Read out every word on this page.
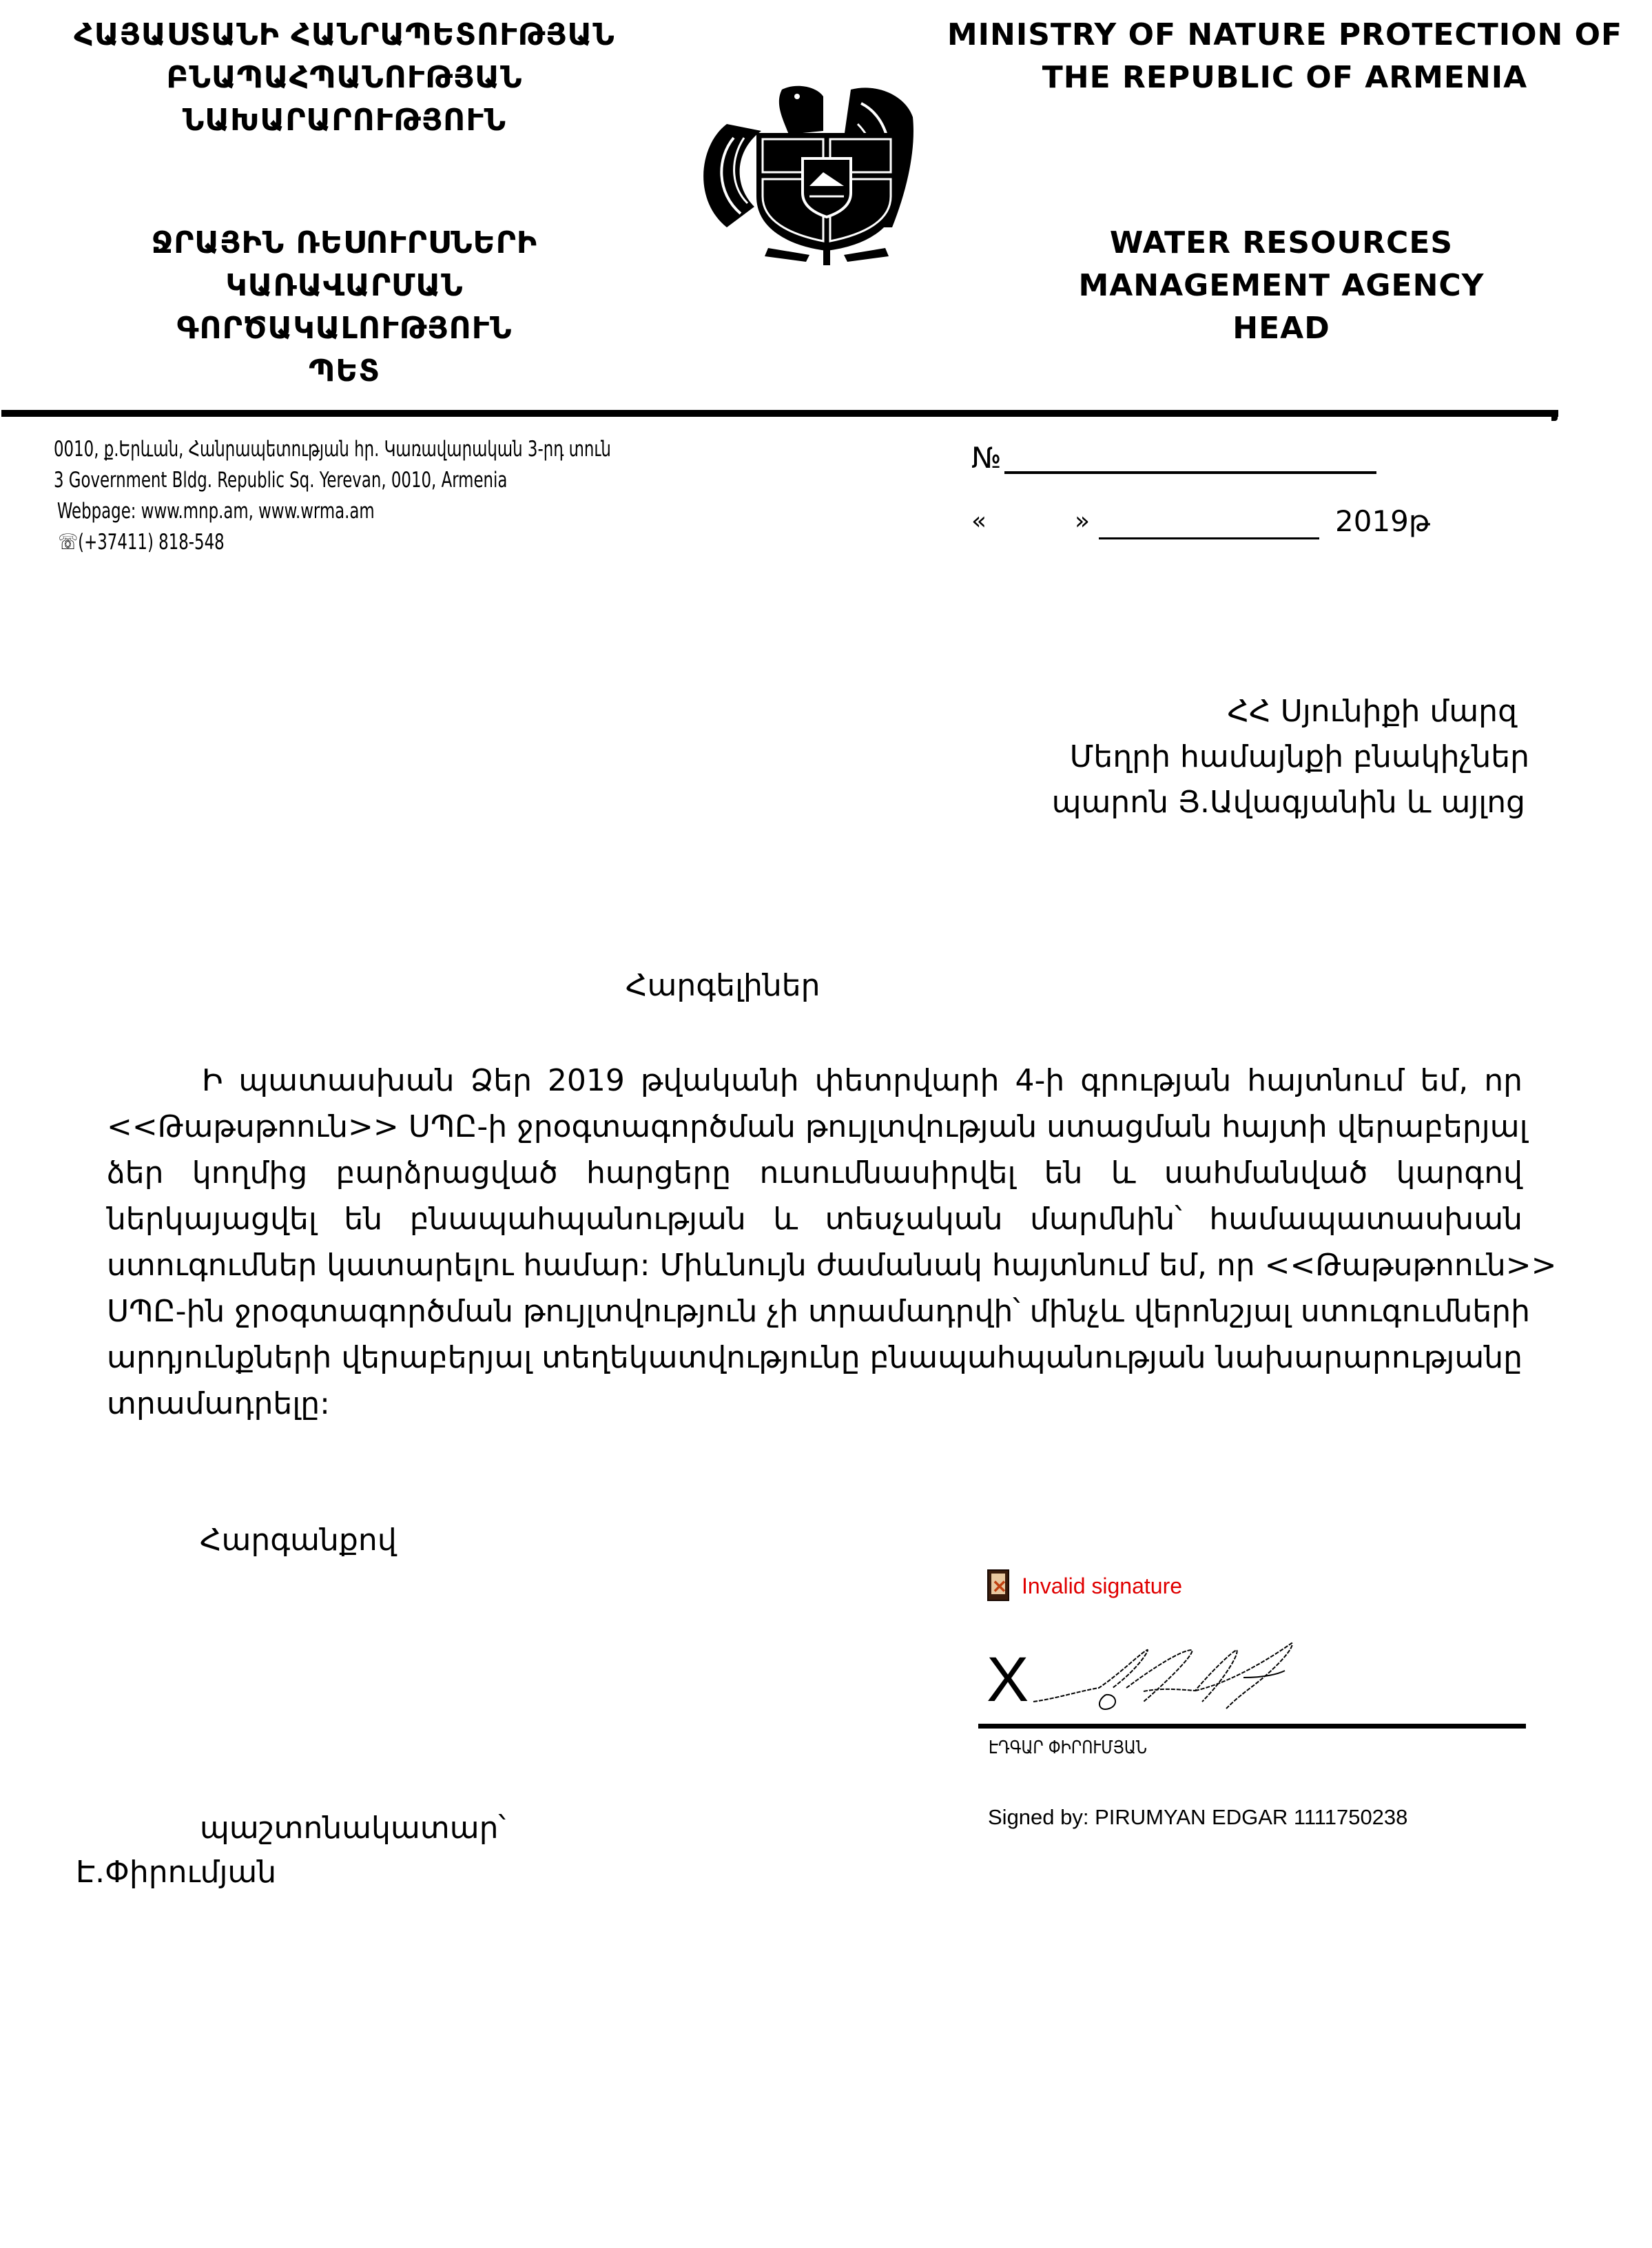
ՀԱՅԱՍՏԱՆԻ ՀԱՆՐԱՊԵՏՈՒԹՅԱՆ
ԲՆԱՊԱՀՊԱՆՈՒԹՅԱՆ
ՆԱԽԱՐԱՐՈՒԹՅՈՒՆ
ՋՐԱՅԻՆ ՌԵՍՈՒՐՍՆԵՐԻ
ԿԱՌԱՎԱՐՄԱՆ
ԳՈՐԾԱԿԱԼՈՒԹՅՈՒՆ
ՊԵՏ
MINISTRY OF NATURE PROTECTION OF
THE REPUBLIC OF ARMENIA
WATER RESOURCES
MANAGEMENT AGENCY
HEAD
0010, ք.Երևան, Հանրապետության հր. Կառավարական 3-րդ տուն
3 Government Bldg. Republic Sq. Yerevan, 0010, Armenia
Webpage: www.mnp.am, www.wrma.am
☏(+37411) 818-548
№
«	»	2019թ
ՀՀ Սյունիքի մարզ
Մեղրի համայնքի բնակիչներ
պարոն Յ.Ավագյանին և այլոց
Հարգելիներ
Ի պատասխան Ձեր 2019 թվականի փետրվարի 4-ի գրության հայտնում եմ, որ
<<Թաթսթոուն>> ՍՊԸ-ի ջրօգտագործման թույլտվության ստացման հայտի վերաբերյալ
ձեր կողմից բարձրացված հարցերը ուսումնասիրվել են և սահմանված կարգով
ներկայացվել են բնապահպանության և տեսչական մարմնին՝ համապատասխան
ստուգումներ կատարելու համար: Միևնույն ժամանակ հայտնում եմ, որ <<Թաթսթոուն>>
ՍՊԸ-ին ջրօգտագործման թույլտվություն չի տրամադրվի՝ մինչև վերոնշյալ ստուգումների
արդյունքների վերաբերյալ տեղեկատվությունը բնապահպանության նախարարությանը
տրամադրելը:
Հարգանքով
պաշտոնակատար՝
Է.Փիրումյան
✕ Invalid signature
X
ԷԴԳԱՐ ՓԻՐՈՒՄՅԱՆ
Signed by: PIRUMYAN EDGAR 1111750238
